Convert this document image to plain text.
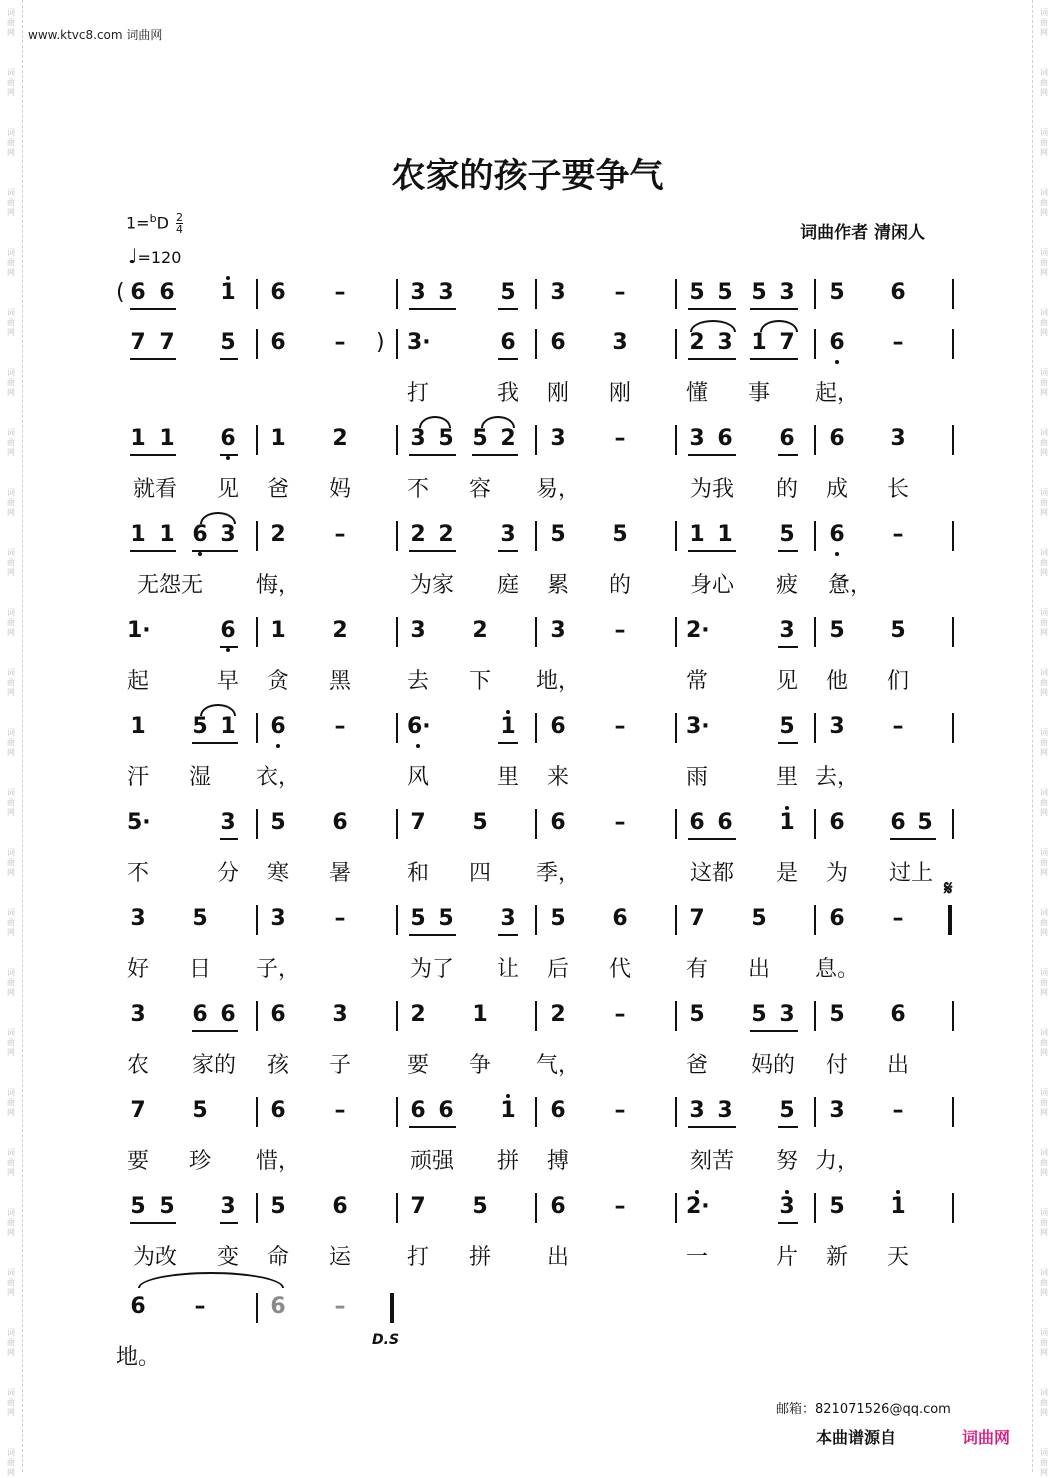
词
曲
网
词
曲
网
词
曲
网
词
曲
网
词
曲
网
词
曲
网
词
曲
网
词
曲
网
词
曲
网
词
曲
网
词
曲
网
词
曲
网
词
曲
网
词
曲
网
词
曲
网
词
曲
网
词
曲
网
词
曲
网
词
曲
网
词
曲
网
词
曲
网
词
曲
网
词
曲
网
词
曲
网
词
曲
网
词
曲
网
词
曲
网
词
曲
网
词
曲
网
词
曲
网
词
曲
网
词
曲
网
词
曲
网
词
曲
网
词
曲
网
词
曲
网
词
曲
网
词
曲
网
词
曲
网
词
曲
网
词
曲
网
词
曲
网
词
曲
网
词
曲
网
词
曲
网
词
曲
网
词
曲
网
词
曲
网
词
曲
网
词
曲
网
www.ktvc8.com 词曲网
农家的孩子要争气
$1=^bD \frac{2}{4}$
♩=120
词曲作者 清闲人
6 6 1 6 –	3 3 5 3 –	5 5 5 3 5 6
(
7 7 5 6 –	3·	6 6 3	2 3 1 7 6 –
)
打	我 刚 刚 懂 事 起，
1 1 6 1 2	3 5 5 2 3 –	3 6 6 6 3
就看 见 爸 妈	不 容 易，	为我 的 成 长
1 1 6 3 2 –	2 2 3 5 5	1 1 5 6 –
无怨无 悔，	为家 庭 累 的	身心 疲 惫，
1·	6 1 2	3 2	3 –	2·	3 5 5
起	早 贪 黑	去 下 地，	常	见 他 们
1 5 1 6 –	6·	1 6 –	3·	5 3 –
汗 湿 衣，	风	里 来	雨	里 去，
5·	3 5 6	7 5	6 –	6 6 1 6 6 5
不	分 寒 暑	和 四 季，	这都 是 为 过上
3 5	3 –	5 5 3 5 6	7 5	6 –
好 日 子，	为了 让 后 代 有 出 息。
3 6 6 6 3	2 1	2 –	5 5 3 5 6
农 家的 孩 子	要 争 气，	爸 妈的 付 出
7 5	6 –	6 6 1 6 –	3 3 5 3 –
要 珍 惜，	顽强 拼 搏	刻苦 努 力，
5 5 3 5 6	7 5	6 –	2·	3 5 1
为改 变 命 运	打 拼	出	一	片 新 天
6 –	6 –
地。
𝄋
D.S
邮箱：821071526@qq.com
本曲谱源自	词曲网
